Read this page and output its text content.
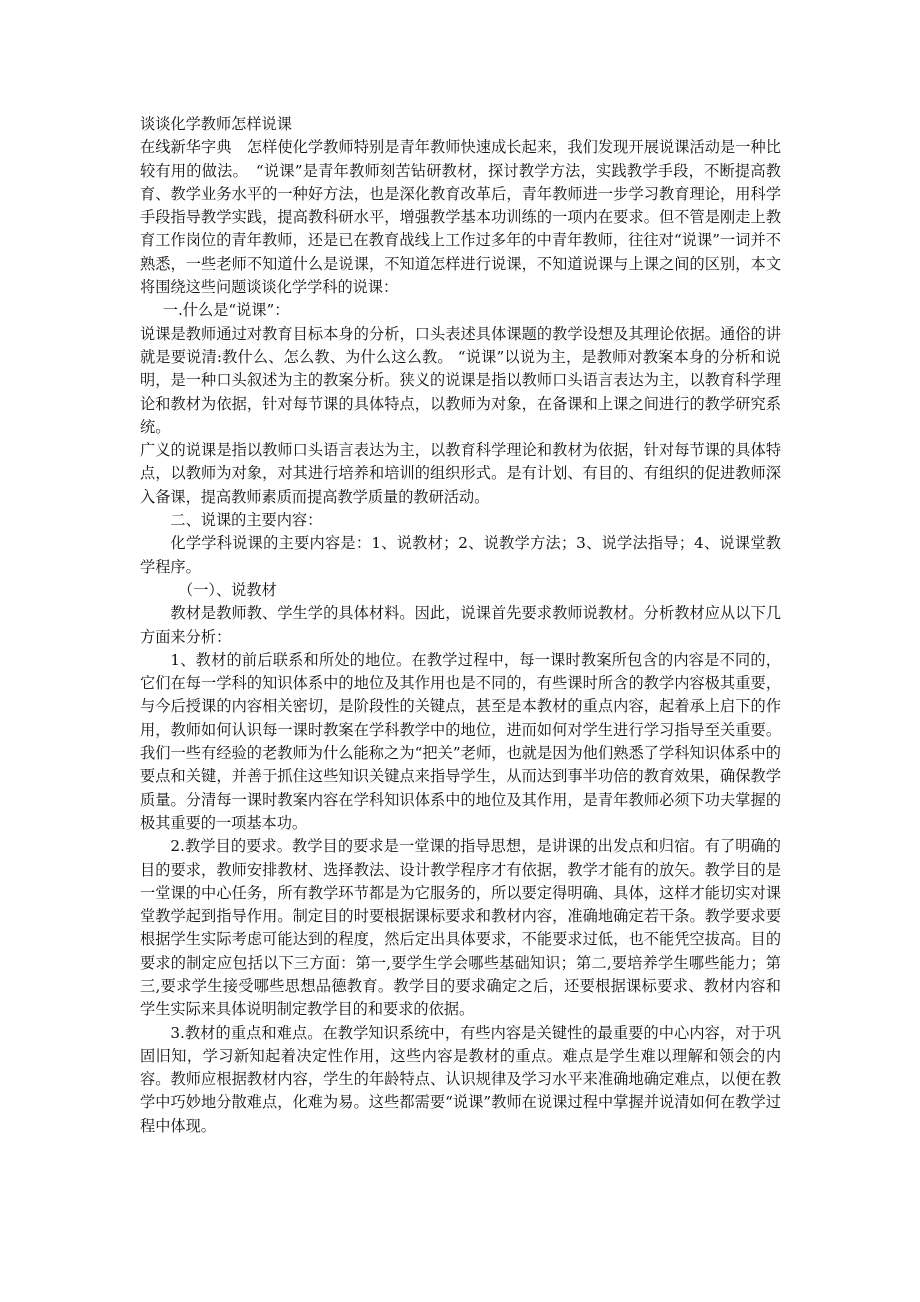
谈谈化学教师怎样说课

在线新华字典　怎样使化学教师特别是青年教师快速成长起来，我们发现开展说课活动是一种比较有用的做法。　“说课”是青年教师刻苦钻研教材，探讨教学方法，实践教学手段，不断提高教育、教学业务水平的一种好方法，也是深化教育改革后，青年教师进一步学习教育理论，用科学手段指导教学实践，提高教科研水平，增强教学基本功训练的一项内在要求。但不管是刚走上教育工作岗位的青年教师，还是已在教育战线上工作过多年的中青年教师，往往对“说课”一词并不熟悉，一些老师不知道什么是说课，不知道怎样进行说课，不知道说课与上课之间的区别，本文将围绕这些问题谈谈化学学科的说课：

一.什么是“说课”：

说课是教师通过对教育目标本身的分析，口头表述具体课题的教学设想及其理论依据。通俗的讲就是要说清:教什么、怎么教、为什么这么教。 “说课”以说为主，是教师对教案本身的分析和说明，是一种口头叙述为主的教案分析。狭义的说课是指以教师口头语言表达为主，以教育科学理论和教材为依据，针对每节课的具体特点，以教师为对象，在备课和上课之间进行的教学研究系统。

广义的说课是指以教师口头语言表达为主，以教育科学理论和教材为依据，针对每节课的具体特点，以教师为对象，对其进行培养和培训的组织形式。是有计划、有目的、有组织的促进教师深入备课，提高教师素质而提高教学质量的教研活动。

二、说课的主要内容：

化学学科说课的主要内容是：1、说教材；2、说教学方法；3、说学法指导；4、说课堂教学程序。

（一）、说教材

教材是教师教、学生学的具体材料。因此，说课首先要求教师说教材。分析教材应从以下几方面来分析：

1、教材的前后联系和所处的地位。在教学过程中，每一课时教案所包含的内容是不同的，它们在每一学科的知识体系中的地位及其作用也是不同的，有些课时所含的教学内容极其重要，与今后授课的内容相关密切，是阶段性的关键点，甚至是本教材的重点内容，起着承上启下的作用，教师如何认识每一课时教案在学科教学中的地位，进而如何对学生进行学习指导至关重要。我们一些有经验的老教师为什么能称之为“把关”老师，也就是因为他们熟悉了学科知识体系中的要点和关键，并善于抓住这些知识关键点来指导学生，从而达到事半功倍的教育效果，确保教学质量。分清每一课时教案内容在学科知识体系中的地位及其作用，是青年教师必须下功夫掌握的极其重要的一项基本功。

2.教学目的要求。教学目的要求是一堂课的指导思想，是讲课的出发点和归宿。有了明确的目的要求，教师安排教材、选择教法、设计教学程序才有依据，教学才能有的放矢。教学目的是一堂课的中心任务，所有教学环节都是为它服务的，所以要定得明确、具体，这样才能切实对课堂教学起到指导作用。制定目的时要根据课标要求和教材内容，准确地确定若干条。教学要求要根据学生实际考虑可能达到的程度，然后定出具体要求，不能要求过低，也不能凭空拔高。目的要求的制定应包括以下三方面：第一,要学生学会哪些基础知识；第二,要培养学生哪些能力；第三,要求学生接受哪些思想品德教育。教学目的要求确定之后，还要根据课标要求、教材内容和学生实际来具体说明制定教学目的和要求的依据。

3.教材的重点和难点。在教学知识系统中，有些内容是关键性的最重要的中心内容，对于巩固旧知，学习新知起着决定性作用，这些内容是教材的重点。难点是学生难以理解和领会的内容。教师应根据教材内容，学生的年龄特点、认识规律及学习水平来准确地确定难点，以便在教学中巧妙地分散难点，化难为易。这些都需要“说课”教师在说课过程中掌握并说清如何在教学过程中体现。
